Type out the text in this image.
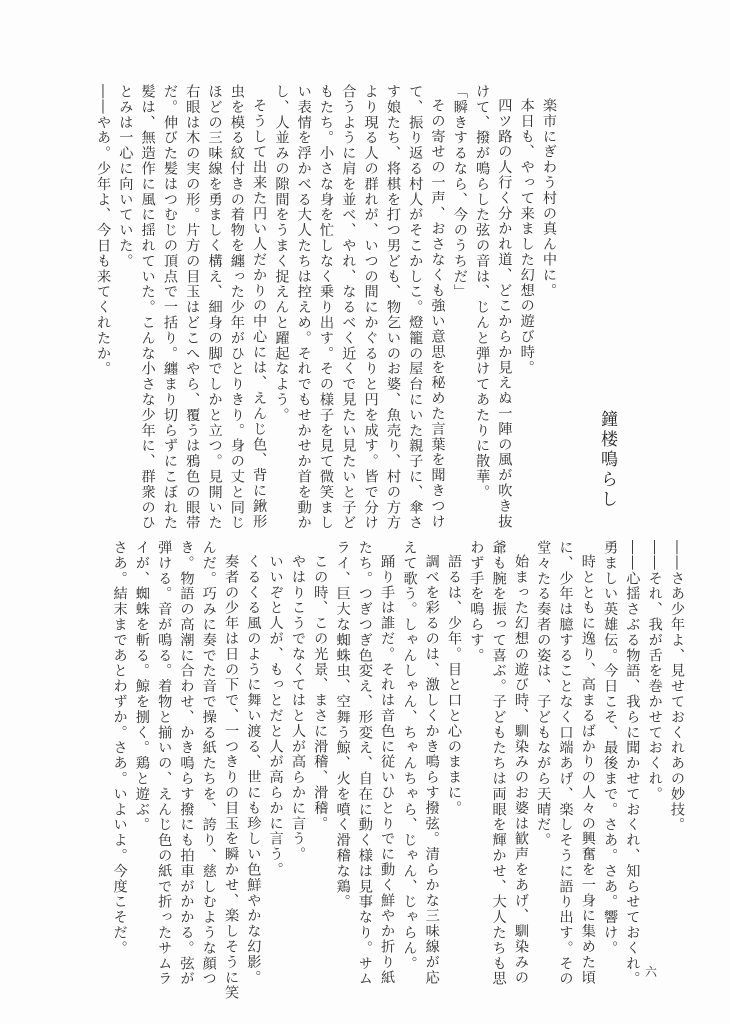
鐘楼鳴らし
楽市にぎわう村の真ん中に。
本日も、やって来ました幻想の遊び時。
四ツ路の人行く分かれ道、どこからか見えぬ一陣の風が吹き抜
けて、撥が鳴らした弦の音は、じんと弾けてあたりに散華。
「瞬きするなら、今のうちだ」
その寄せの一声、おさなくも強い意思を秘めた言葉を聞きつけ
て、振り返る村人がそこかしこ。燈籠の屋台にいた親子に、傘さ
す娘たち、将棋を打つ男ども、物乞いのお婆、魚売り、村の方方
より現る人の群れが、いつの間にかぐるりと円を成す。皆で分け
合うように肩を並べ、やれ、なるべく近くで見たい見たいと子ど
もたち。小さな身を忙しなく乗り出す。その様子を見て微笑まし
い表情を浮かべる大人たちは控えめ。それでもせかせか首を動か
し、人並みの隙間をうまく捉えんと躍起なよう。
そうして出来た円い人だかりの中心には、えんじ色、背に鍬形
虫を模る紋付きの着物を纏った少年がひとりきり。身の丈と同じ
ほどの三味線を勇ましく構え、細身の脚でしかと立つ。見開いた
右眼は木の実の形。片方の目玉はどこへやら、覆うは鴉色の眼帯
だ。伸びた髪はつむじの頂点で一括り。纏まり切らずにこぼれた
髪は、無造作に風に揺れていた。こんな小さな少年に、群衆のひ
とみは一心に向いていた。
――やあ。少年よ、今日も来てくれたか。
――さあ少年よ、見せておくれあの妙技。
――それ、我が舌を巻かせておくれ。
――心揺さぶる物語、我らに聞かせておくれ、知らせておくれ。
勇ましい英雄伝。今日こそ、最後まで。さあ。さあ。響け。
時とともに逸り、高まるばかりの人々の興奮を一身に集めた頃
に、少年は臆することなく口端あげ、楽しそうに語り出す。その
堂々たる奏者の姿は、子どもながら天晴だ。
始まった幻想の遊び時、馴染みのお婆は歓声をあげ、馴染みの
爺も腕を振って喜ぶ。子どもたちは両眼を輝かせ、大人たちも思
わず手を鳴らす。
語るは、少年。目と口と心のままに。
調べを彩るのは、激しくかき鳴らす撥弦。清らかな三味線が応
えて歌う。しゃんしゃん、ちゃんちゃら、じゃん、じゃらん。
踊り手は誰だ。それは音色に従いひとりでに動く鮮やか折り紙
たち。つぎつぎ色変え、形変え、自在に動く様は見事なり。サム
ライ、巨大な蜘蛛虫、空舞う鯨、火を噴く滑稽な鶏。
この時、この光景、まさに滑稽、滑稽。
やはりこうでなくてはと人が高らかに言う。
いいぞと人が、もっとだと人が高らかに言う。
くるくる風のように舞い渡る、世にも珍しい色鮮やかな幻影。
奏者の少年は日の下で、一つきりの目玉を瞬かせ、楽しそうに笑
んだ。巧みに奏でた音で操る紙たちを、誇り、慈しむような顔つ
き。物語の高潮に合わせ、かき鳴らす撥にも拍車がかかる。弦が
弾ける。音が鳴る。着物と揃いの、えんじ色の紙で折ったサムラ
イが、蜘蛛を斬る。鯨を捌く。鶏と遊ぶ。
さあ。結末まであとわずか。さあ。いよいよ。今度こそだ。
六
